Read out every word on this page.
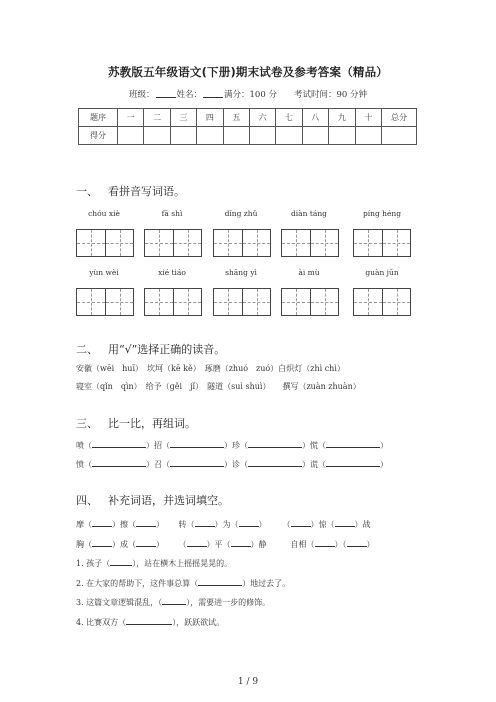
苏教版五年级语文(下册)期末试卷及参考答案（精品）
班级：	姓名：	满分：100 分　　 考试时间：90 分钟
题序	一	二	三	四	五	六	七	八	九	十	总分
得分											
一、 看拼音写词语。
chóu xiè	fā shì	dǐng zhǔ	diàn táng	píng héng
yùn wèi	xié tiáo	shāng yì	ài mù	guàn jūn
二、 用“√”选择正确的读音。
安徽（wēi　huī）　坎坷（kē kě）　琢磨（zhuó　zuó）白炽灯（zhì chì）
寝室（qǐn　qìn）　给予（gěi　jǐ）　隧道（suì shuì）　　撰写（zuàn zhuàn）
三、 比一比，再组词。
喷（	）招（	）珍（	）慌（	）
愤（	）召（	）诊（	）谎（	）
四、 补充词语，并选词填空。
摩（	）擦（	）　　 转（	）为（	）　　　	（	）惊（	）战
胸（	）成（	）　　 （	）平（	）静　　　	自相（	）（	）
1. 孩子（	），站在横木上摇摇晃晃的。
2. 在大家的帮助下，这件事总算（	）地过去了。
3. 这篇文章逻辑混乱，（	），需要进一步的修饰。
4. 比赛双方（	），跃跃欲试。
1 / 9
